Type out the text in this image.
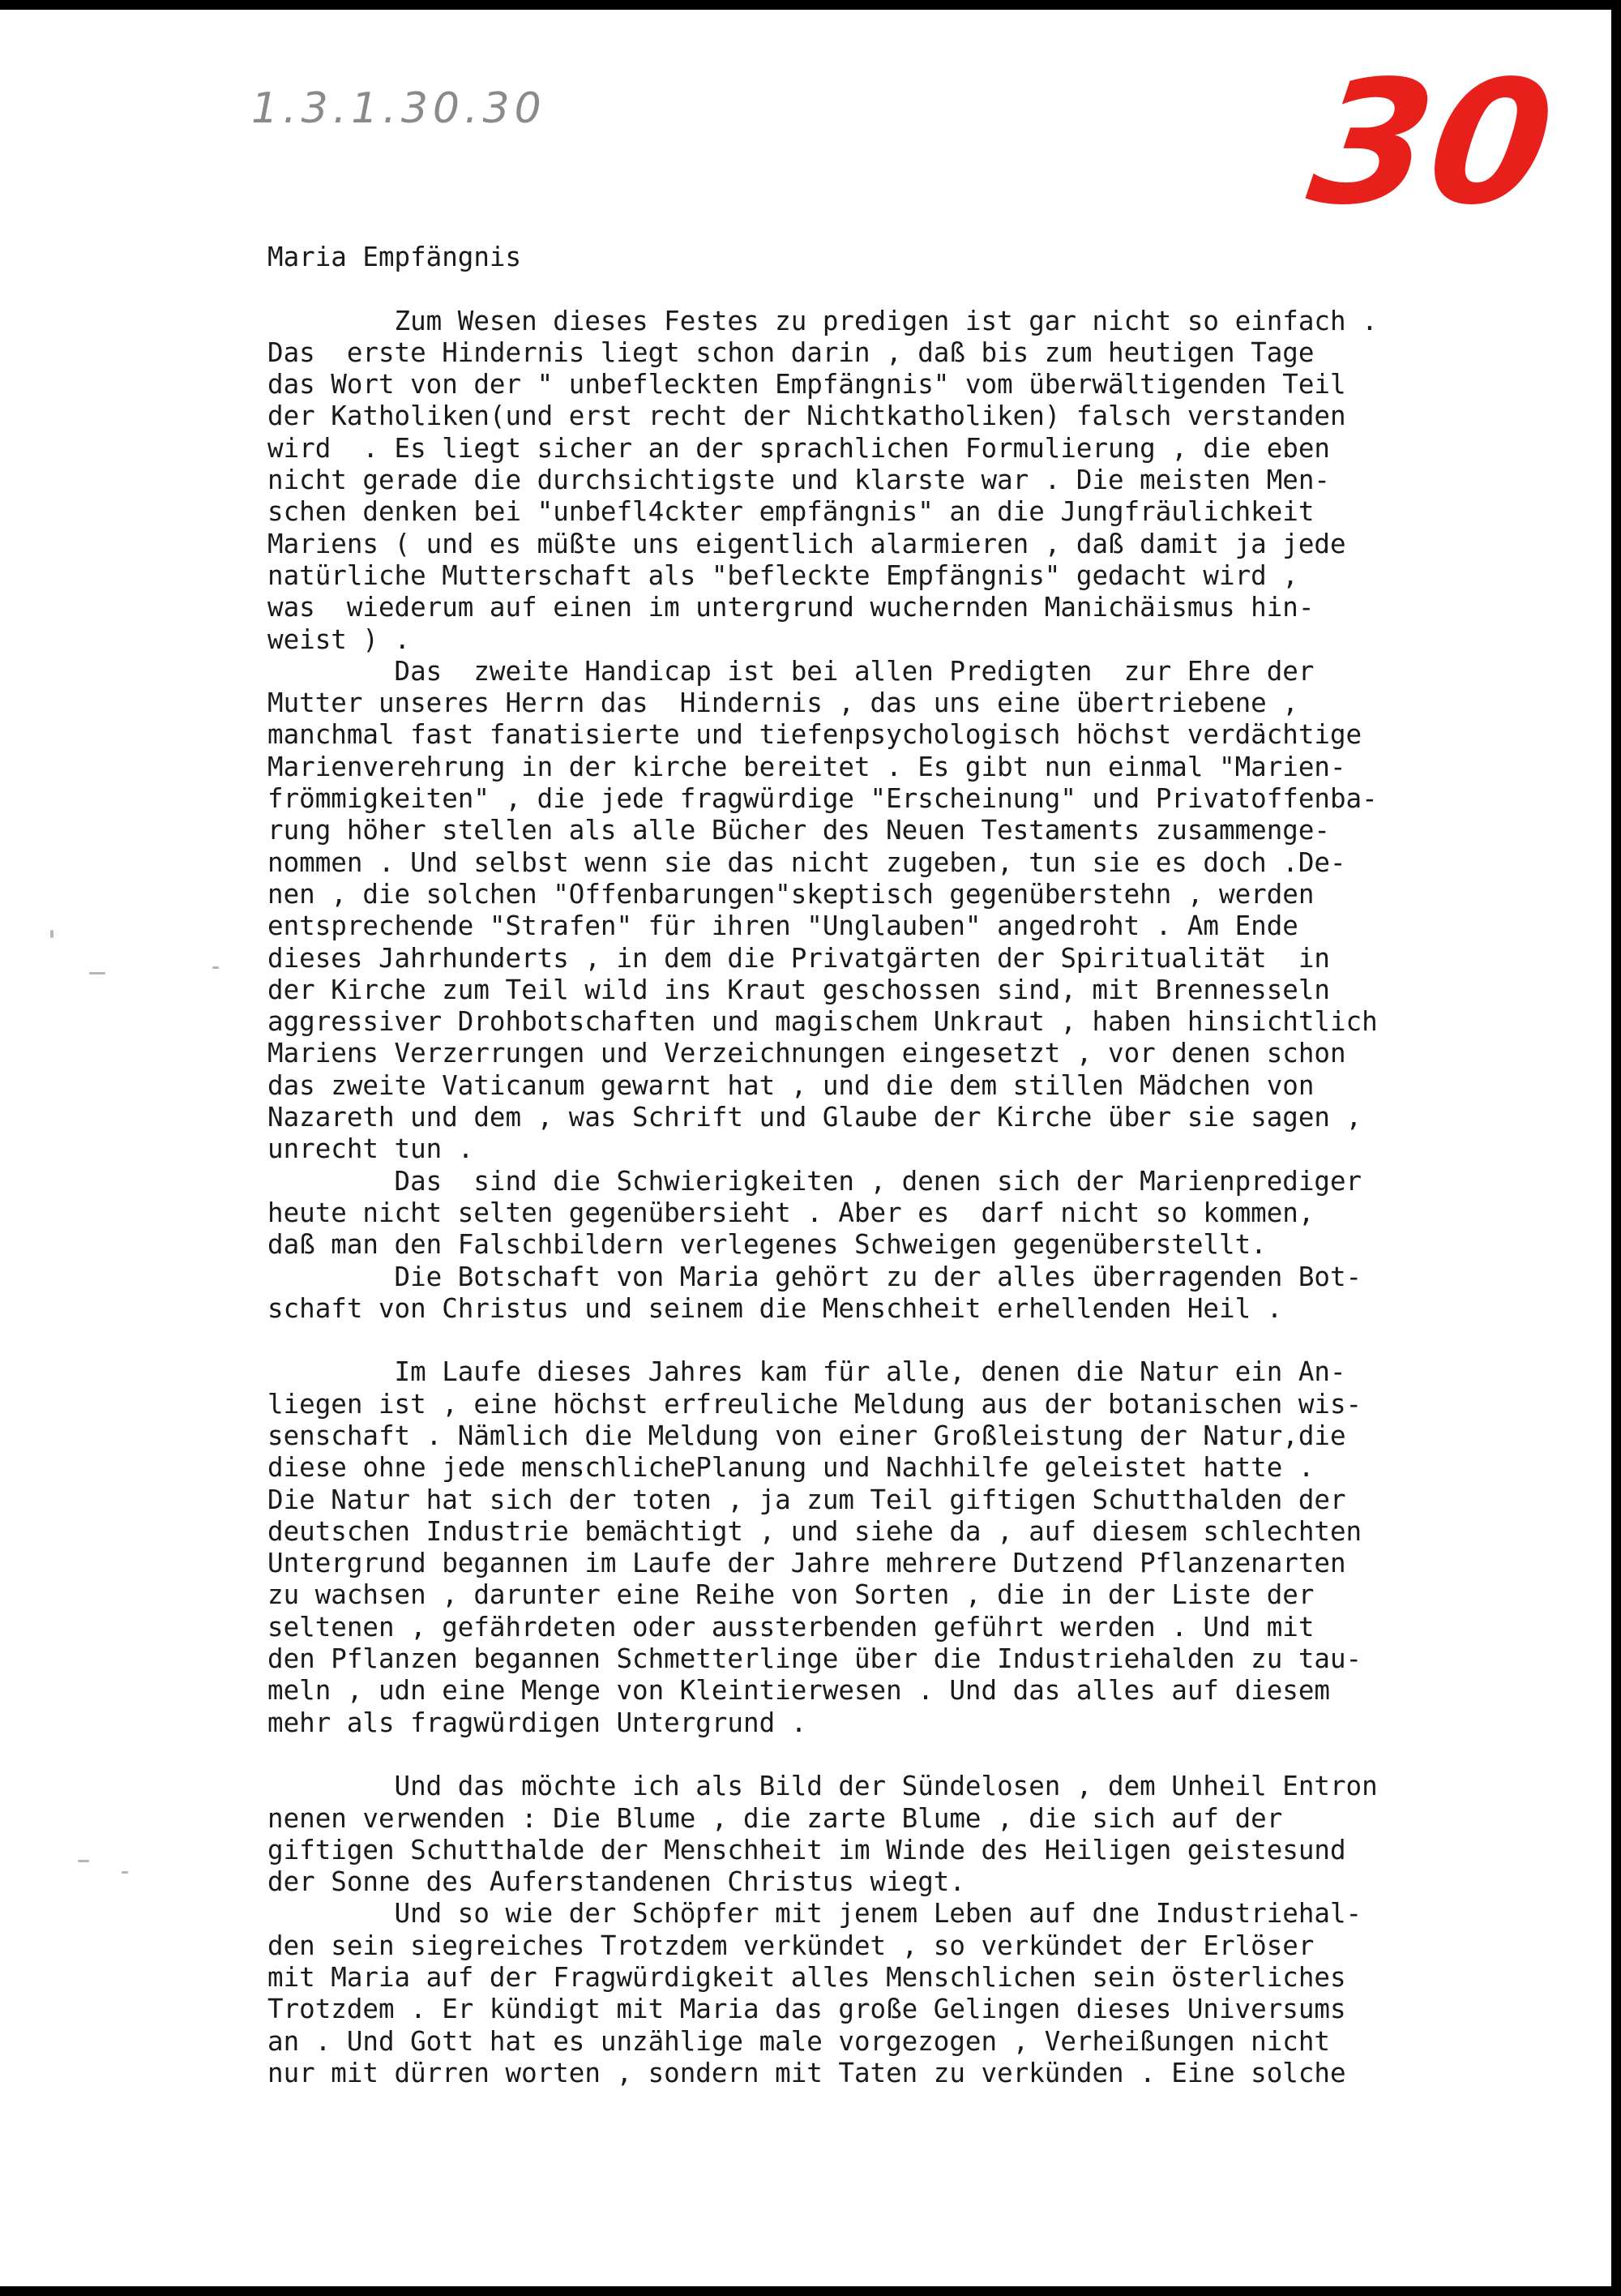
1.3.1.30.30	30
Maria Empfängnis
Zum Wesen dieses Festes zu predigen ist gar nicht so einfach .
Das  erste Hindernis liegt schon darin , daß bis zum heutigen Tage
das Wort von der " unbefleckten Empfängnis" vom überwältigenden Teil
der Katholiken(und erst recht der Nichtkatholiken) falsch verstanden
wird  . Es liegt sicher an der sprachlichen Formulierung , die eben
nicht gerade die durchsichtigste und klarste war . Die meisten Men-
schen denken bei "unbefl4ckter empfängnis" an die Jungfräulichkeit
Mariens ( und es müßte uns eigentlich alarmieren , daß damit ja jede
natürliche Mutterschaft als "befleckte Empfängnis" gedacht wird ,
was  wiederum auf einen im untergrund wuchernden Manichäismus hin-
weist ) .
Das  zweite Handicap ist bei allen Predigten  zur Ehre der
Mutter unseres Herrn das  Hindernis , das uns eine übertriebene ,
manchmal fast fanatisierte und tiefenpsychologisch höchst verdächtige
Marienverehrung in der kirche bereitet . Es gibt nun einmal "Marien-
frömmigkeiten" , die jede fragwürdige "Erscheinung" und Privatoffenba-
rung höher stellen als alle Bücher des Neuen Testaments zusammenge-
nommen . Und selbst wenn sie das nicht zugeben, tun sie es doch .De-
nen , die solchen "Offenbarungen"skeptisch gegenüberstehn , werden
entsprechende "Strafen" für ihren "Unglauben" angedroht . Am Ende
dieses Jahrhunderts , in dem die Privatgärten der Spiritualität  in
der Kirche zum Teil wild ins Kraut geschossen sind, mit Brennesseln
aggressiver Drohbotschaften und magischem Unkraut , haben hinsichtlich
Mariens Verzerrungen und Verzeichnungen eingesetzt , vor denen schon
das zweite Vaticanum gewarnt hat , und die dem stillen Mädchen von
Nazareth und dem , was Schrift und Glaube der Kirche über sie sagen ,
unrecht tun .
Das  sind die Schwierigkeiten , denen sich der Marienprediger
heute nicht selten gegenübersieht . Aber es  darf nicht so kommen,
daß man den Falschbildern verlegenes Schweigen gegenüberstellt.
Die Botschaft von Maria gehört zu der alles überragenden Bot-
schaft von Christus und seinem die Menschheit erhellenden Heil .
Im Laufe dieses Jahres kam für alle, denen die Natur ein An-
liegen ist , eine höchst erfreuliche Meldung aus der botanischen wis-
senschaft . Nämlich die Meldung von einer Großleistung der Natur,die
diese ohne jede menschlichePlanung und Nachhilfe geleistet hatte .
Die Natur hat sich der toten , ja zum Teil giftigen Schutthalden der
deutschen Industrie bemächtigt , und siehe da , auf diesem schlechten
Untergrund begannen im Laufe der Jahre mehrere Dutzend Pflanzenarten
zu wachsen , darunter eine Reihe von Sorten , die in der Liste der
seltenen , gefährdeten oder aussterbenden geführt werden . Und mit
den Pflanzen begannen Schmetterlinge über die Industriehalden zu tau-
meln , udn eine Menge von Kleintierwesen . Und das alles auf diesem
mehr als fragwürdigen Untergrund .
Und das möchte ich als Bild der Sündelosen , dem Unheil Entron
nenen verwenden : Die Blume , die zarte Blume , die sich auf der
giftigen Schutthalde der Menschheit im Winde des Heiligen geistesund
der Sonne des Auferstandenen Christus wiegt.
Und so wie der Schöpfer mit jenem Leben auf dne Industriehal-
den sein siegreiches Trotzdem verkündet , so verkündet der Erlöser
mit Maria auf der Fragwürdigkeit alles Menschlichen sein österliches
Trotzdem . Er kündigt mit Maria das große Gelingen dieses Universums
an . Und Gott hat es unzählige male vorgezogen , Verheißungen nicht
nur mit dürren worten , sondern mit Taten zu verkünden . Eine solche
